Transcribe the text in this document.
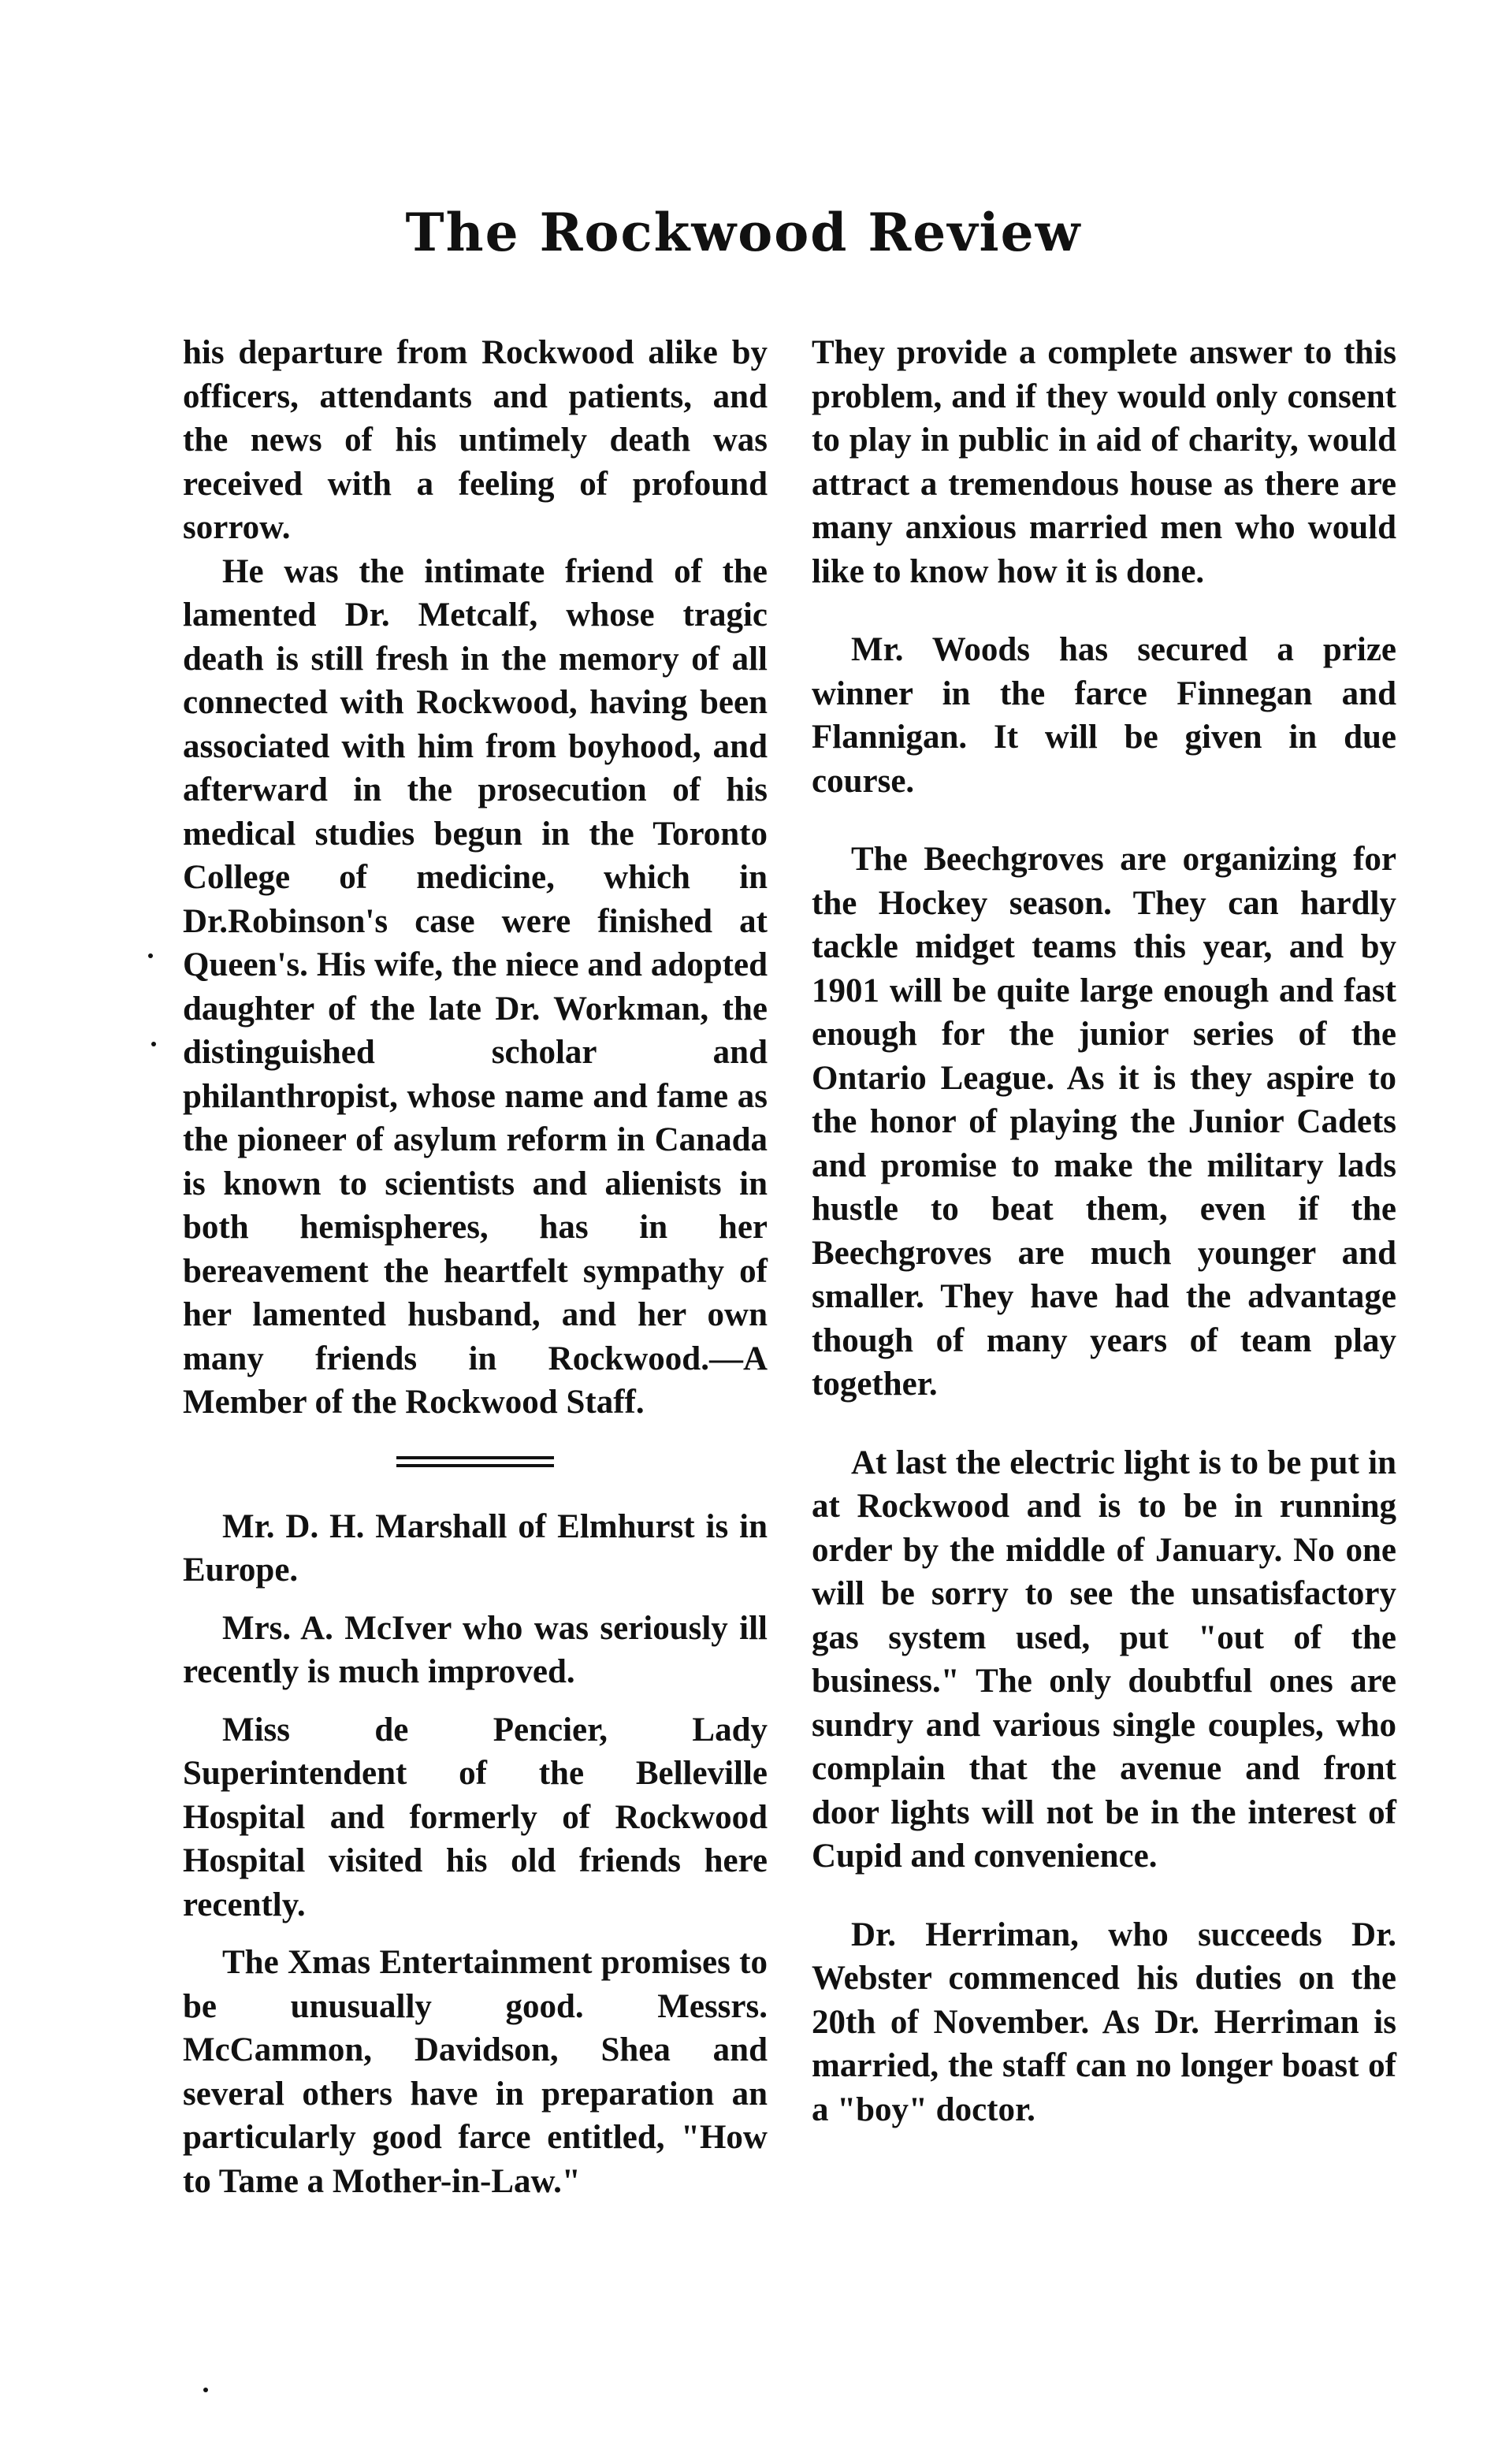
The Rockwood Review

his departure from Rockwood alike by officers, attendants and patients, and the news of his untimely death was received with a feeling of profound sorrow.

He was the intimate friend of the lamented Dr. Metcalf, whose tragic death is still fresh in the memory of all connected with Rockwood, having been associated with him from boyhood, and afterward in the prosecution of his medical studies begun in the Toronto College of medicine, which in Dr.Robinson's case were finished at Queen's. His wife, the niece and adopted daughter of the late Dr. Workman, the distinguished scholar and philanthropist, whose name and fame as the pioneer of asylum reform in Canada is known to scientists and alienists in both hemispheres, has in her bereavement the heartfelt sympathy of her lamented husband, and her own many friends in Rockwood.—A Member of the Rockwood Staff.

Mr. D. H. Marshall of Elmhurst is in Europe.

Mrs. A. McIver who was seriously ill recently is much improved.

Miss de Pencier, Lady Superintendent of the Belleville Hospital and formerly of Rockwood Hospital visited his old friends here recently.

The Xmas Entertainment promises to be unusually good. Messrs. McCammon, Davidson, Shea and several others have in preparation an particularly good farce entitled, "How to Tame a Mother-in-Law."

They provide a complete answer to this problem, and if they would only consent to play in public in aid of charity, would attract a tremendous house as there are many anxious married men who would like to know how it is done.

Mr. Woods has secured a prize winner in the farce Finnegan and Flannigan. It will be given in due course.

The Beechgroves are organizing for the Hockey season. They can hardly tackle midget teams this year, and by 1901 will be quite large enough and fast enough for the junior series of the Ontario League. As it is they aspire to the honor of playing the Junior Cadets and promise to make the military lads hustle to beat them, even if the Beechgroves are much younger and smaller. They have had the advantage though of many years of team play together.

At last the electric light is to be put in at Rockwood and is to be in running order by the middle of January. No one will be sorry to see the unsatisfactory gas system used, put "out of the business." The only doubtful ones are sundry and various single couples, who complain that the avenue and front door lights will not be in the interest of Cupid and convenience.

Dr. Herriman, who succeeds Dr. Webster commenced his duties on the 20th of November. As Dr. Herriman is married, the staff can no longer boast of a "boy" doctor.
